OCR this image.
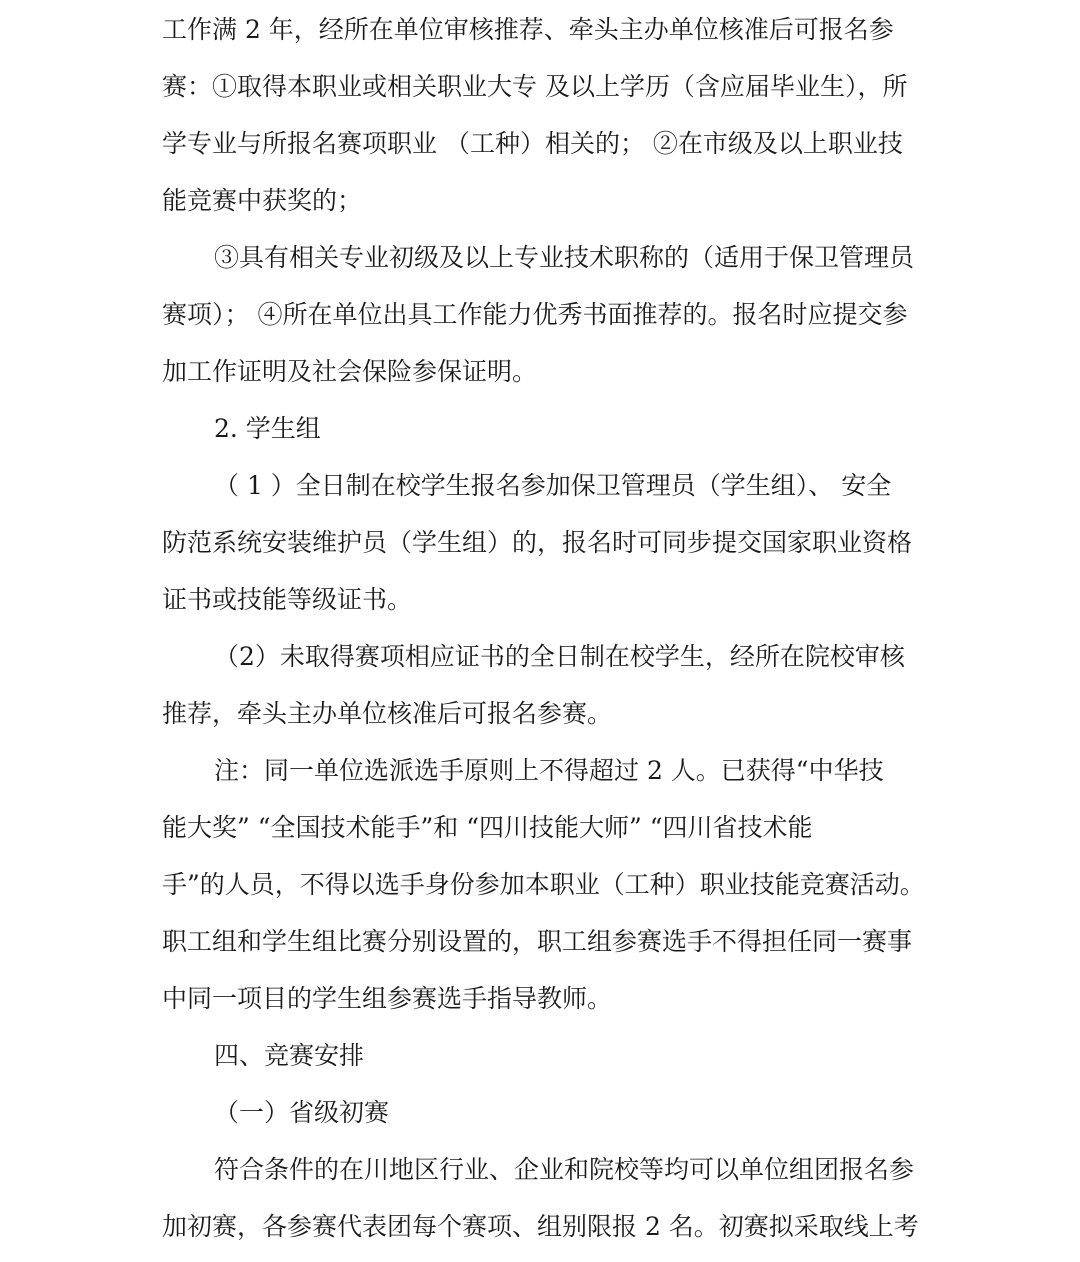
工作满 2 年，经所在单位审核推荐、牵头主办单位核准后可报名参
赛：①取得本职业或相关职业大专 及以上学历（含应届毕业生），所
学专业与所报名赛项职业 （工种）相关的； ②在市级及以上职业技
能竞赛中获奖的；
③具有相关专业初级及以上专业技术职称的（适用于保卫管理员
赛项）； ④所在单位出具工作能力优秀书面推荐的。报名时应提交参
加工作证明及社会保险参保证明。
2. 学生组
（ 1 ）全日制在校学生报名参加保卫管理员（学生组）、 安全
防范系统安装维护员（学生组）的，报名时可同步提交国家职业资格
证书或技能等级证书。
（2）未取得赛项相应证书的全日制在校学生，经所在院校审核
推荐，牵头主办单位核准后可报名参赛。
注：同一单位选派选手原则上不得超过 2 人。已获得“中华技
能大奖” “全国技术能手”和 “四川技能大师” “四川省技术能
手”的人员，不得以选手身份参加本职业（工种）职业技能竞赛活动。
职工组和学生组比赛分别设置的，职工组参赛选手不得担任同一赛事
中同一项目的学生组参赛选手指导教师。
四、竞赛安排
（一）省级初赛
符合条件的在川地区行业、企业和院校等均可以单位组团报名参
加初赛，各参赛代表团每个赛项、组别限报 2 名。初赛拟采取线上考
